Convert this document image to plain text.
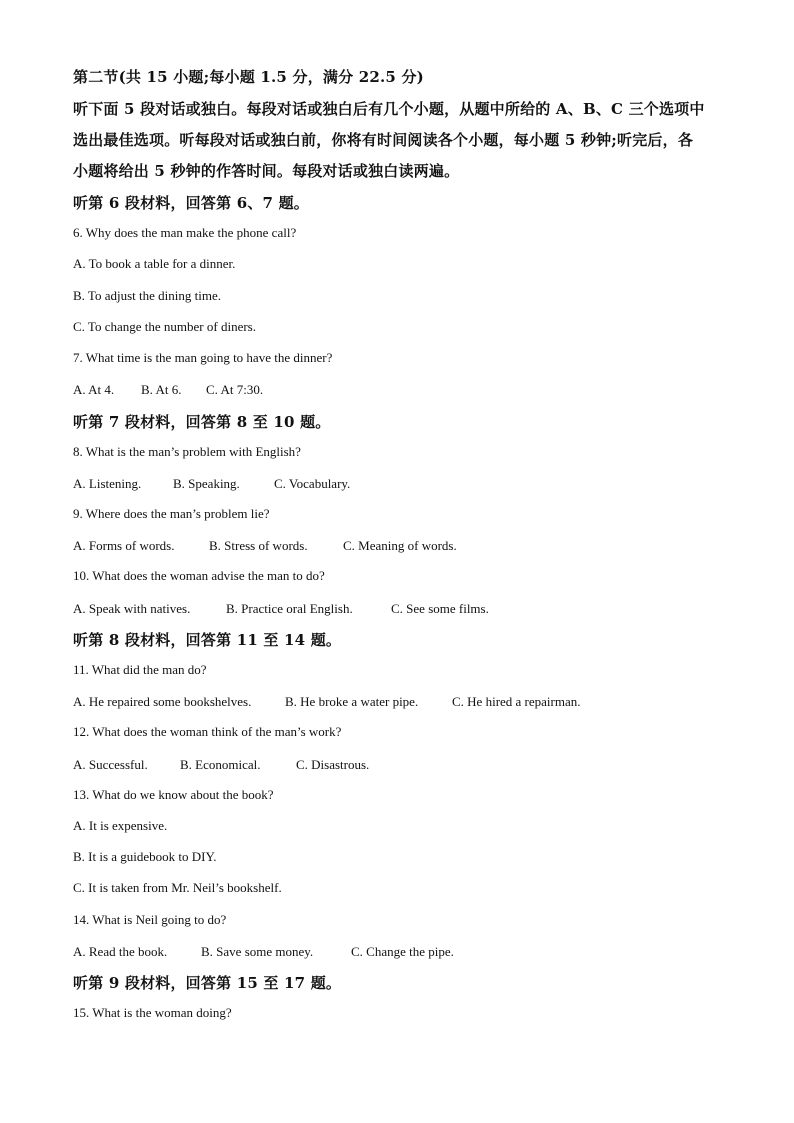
第二节(共 15 小题;每小题 1.5 分，满分 22.5 分)
听下面 5 段对话或独白。每段对话或独白后有几个小题，从题中所给的 A、B、C 三个选项中
选出最佳选项。听每段对话或独白前，你将有时间阅读各个小题，每小题 5 秒钟;听完后，各
小题将给出 5 秒钟的作答时间。每段对话或独白读两遍。
听第 6 段材料，回答第 6、7 题。
6. Why does the man make the phone call?
A. To book a table for a dinner.
B. To adjust the dining time.
C. To change the number of diners.
7. What time is the man going to have the dinner?
A. At 4. B. At 6. C. At 7:30.
听第 7 段材料，回答第 8 至 10 题。
8. What is the man’s problem with English?
A. Listening. B. Speaking.	C. Vocabulary.
9. Where does the man’s problem lie?
A. Forms of words.	B. Stress of words.	C. Meaning of words.
10. What does the woman advise the man to do?
A. Speak with natives.	B. Practice oral English.	C. See some films.
听第 8 段材料，回答第 11 至 14 题。
11. What did the man do?
A. He repaired some bookshelves.	B. He broke a water pipe.	C. He hired a repairman.
12. What does the woman think of the man’s work?
A. Successful. B. Economical.	C. Disastrous.
13. What do we know about the book?
A. It is expensive.
B. It is a guidebook to DIY.
C. It is taken from Mr. Neil’s bookshelf.
14. What is Neil going to do?
A. Read the book.	B. Save some money.	C. Change the pipe.
听第 9 段材料，回答第 15 至 17 题。
15. What is the woman doing?
